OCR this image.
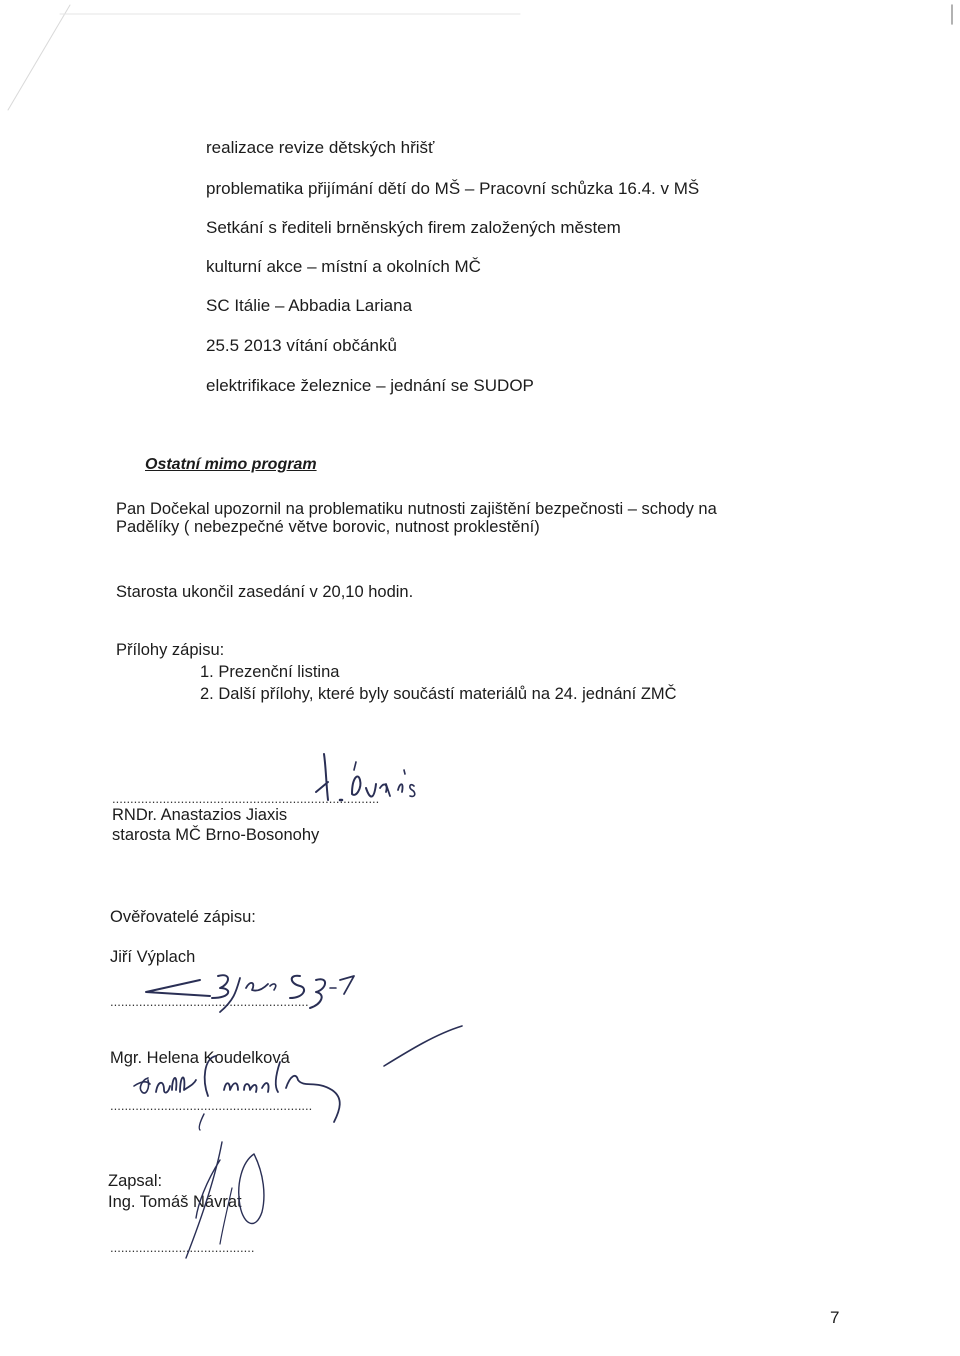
realizace revize dětských hřišť
problematika přijímání dětí do MŠ – Pracovní schůzka 16.4. v MŠ
Setkání s řediteli brněnských firem založených městem
kulturní akce – místní a okolních MČ
SC Itálie – Abbadia Lariana
25.5 2013 vítání občánků
elektrifikace železnice – jednání se SUDOP
Ostatní mimo program
Pan Dočekal upozornil na problematiku nutnosti zajištění bezpečnosti – schody na
Padělíky ( nebezpečné větve borovic, nutnost proklestění)
Starosta ukončil zasedání v 20,10 hodin.
Přílohy zápisu:
1. Prezenční listina
2. Další přílohy, které byly součástí materiálů na 24. jednání ZMČ
..........................................................................
RNDr. Anastazios Jiaxis
starosta MČ Brno-Bosonohy
Ověřovatelé zápisu:
Jiří Výplach
.......................................................
Mgr. Helena Koudelková
........................................................
Zapsal:
Ing. Tomáš Návrat
........................................
7
